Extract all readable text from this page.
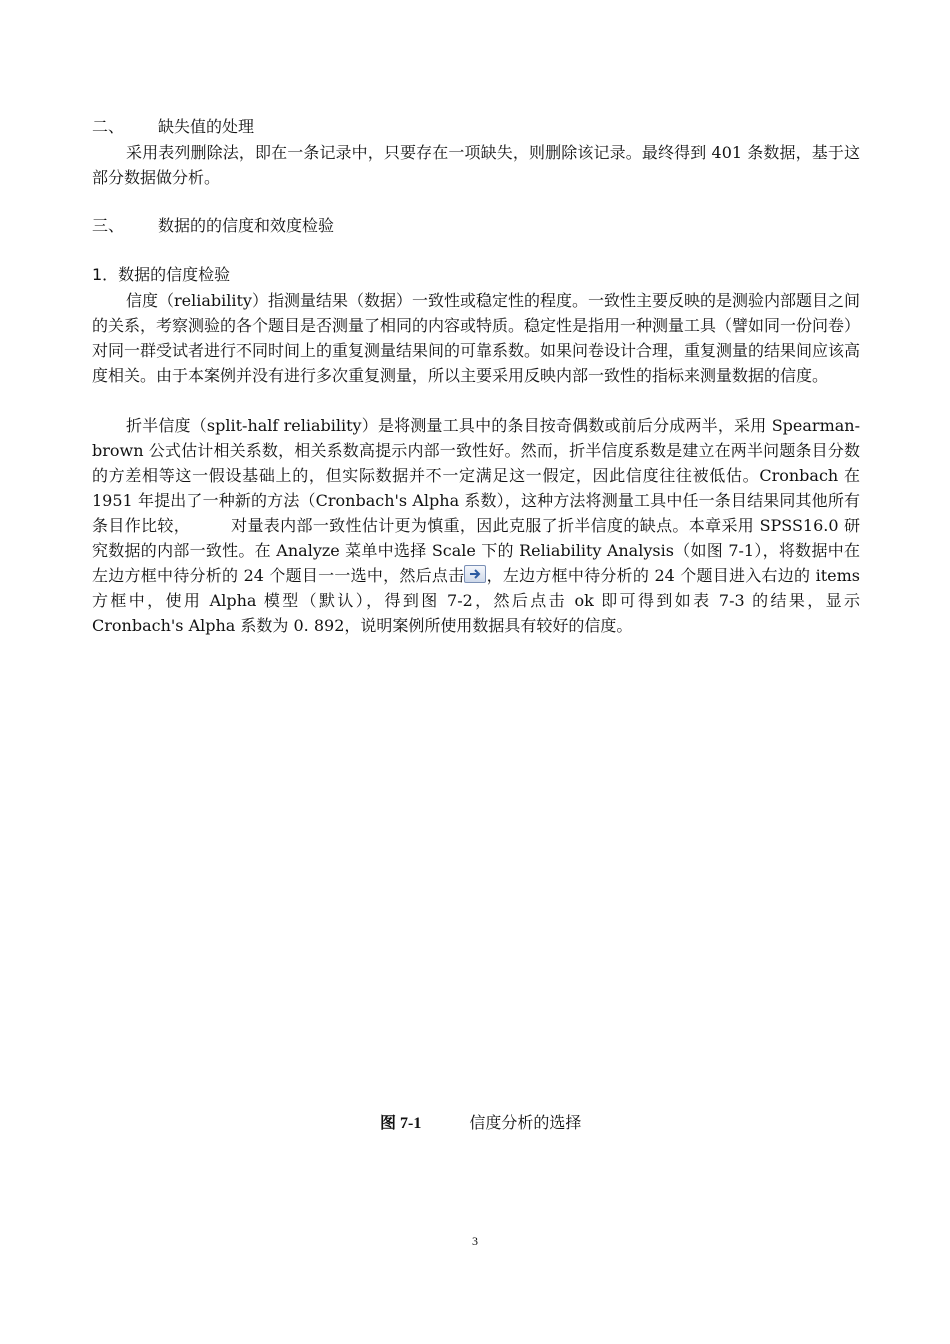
二、 缺失值的处理

采用表列删除法，即在一条记录中，只要存在一项缺失，则删除该记录。最终得到 401 条数据，基于这部分数据做分析。

三、 数据的的信度和效度检验
1．数据的信度检验

信度（reliability）指测量结果（数据）一致性或稳定性的程度。一致性主要反映的是测验内部题目之间的关系，考察测验的各个题目是否测量了相同的内容或特质。稳定性是指用一种测量工具（譬如同一份问卷）对同一群受试者进行不同时间上的重复测量结果间的可靠系数。如果问卷设计合理，重复测量的结果间应该高度相关。由于本案例并没有进行多次重复测量，所以主要采用反映内部一致性的指标来测量数据的信度。

折半信度（split-half reliability）是将测量工具中的条目按奇偶数或前后分成两半，采用 Spearman-brown 公式估计相关系数，相关系数高提示内部一致性好。然而，折半信度系数是建立在两半问题条目分数的方差相等这一假设基础上的，但实际数据并不一定满足这一假定，因此信度往往被低估。Cronbach 在 1951 年提出了一种新的方法（Cronbach's Alpha 系数），这种方法将测量工具中任一条目结果同其他所有条目作比较，　　　对量表内部一致性估计更为慎重，因此克服了折半信度的缺点。本章采用 SPSS16.0 研究数据的内部一致性。在 Analyze 菜单中选择 Scale 下的 Reliability Analysis（如图 7-1），将数据中在左边方框中待分析的 24 个题目一一选中，然后点击 ，左边方框中待分析的 24 个题目进入右边的 items 方框中，使用 Alpha 模型（默认），得到图 7-2，然后点击 ok 即可得到如表 7-3 的结果，显示 Cronbach's Alpha 系数为 0. 892，说明案例所使用数据具有较好的信度。

图 7-1	信度分析的选择
3
